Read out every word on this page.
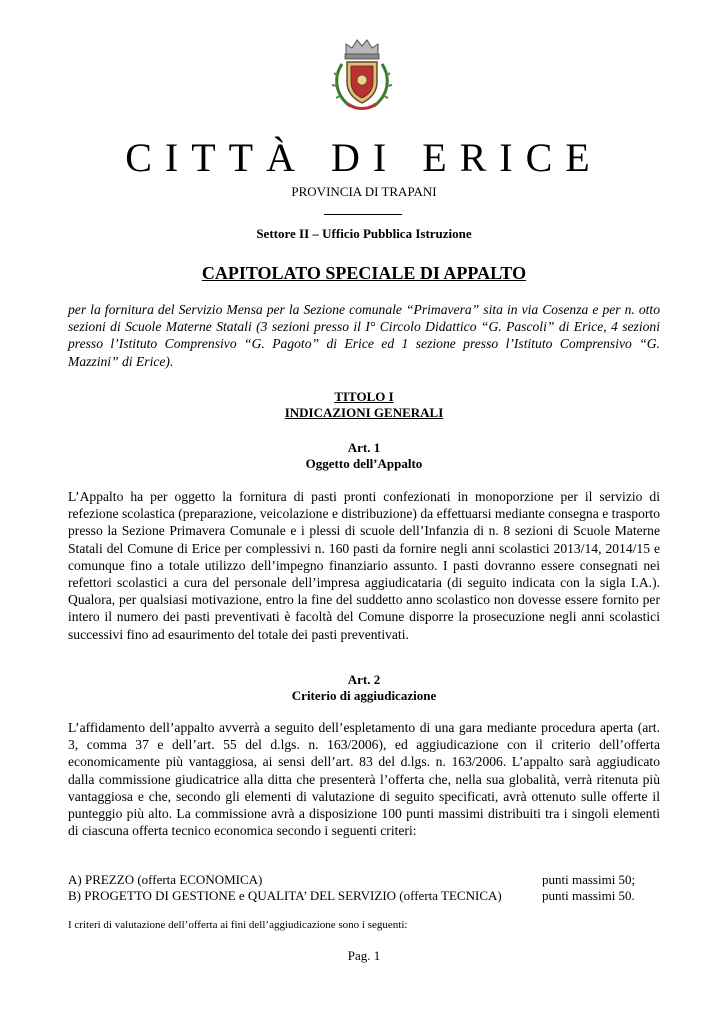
CITTÀ DI ERICE
PROVINCIA DI TRAPANI
Settore II – Ufficio Pubblica Istruzione
CAPITOLATO SPECIALE DI APPALTO
per la fornitura del Servizio Mensa per la Sezione comunale “Primavera” sita in via Cosenza e per n. otto sezioni di Scuole Materne Statali (3 sezioni presso il I° Circolo Didattico “G. Pascoli” di Erice, 4 sezioni presso l’Istituto Comprensivo “G. Pagoto” di Erice ed 1 sezione presso l’Istituto Comprensivo “G. Mazzini” di Erice).
TITOLO I
INDICAZIONI GENERALI
Art. 1
Oggetto dell’Appalto
L’Appalto ha per oggetto la fornitura di pasti pronti confezionati in monoporzione per il servizio di refezione scolastica (preparazione, veicolazione e distribuzione) da effettuarsi mediante consegna e trasporto presso la Sezione Primavera Comunale e i plessi di scuole dell’Infanzia di n. 8 sezioni di Scuole Materne Statali del Comune di Erice per complessivi n. 160 pasti da fornire negli anni scolastici 2013/14, 2014/15 e comunque fino a totale utilizzo dell’impegno finanziario assunto. I pasti dovranno essere consegnati nei refettori scolastici a cura del personale dell’impresa aggiudicataria (di seguito indicata con la sigla I.A.). Qualora, per qualsiasi motivazione, entro la fine del suddetto anno scolastico non dovesse essere fornito per intero il numero dei pasti preventivati è facoltà del Comune disporre la prosecuzione negli anni scolastici successivi fino ad esaurimento del totale dei pasti preventivati.
Art. 2
Criterio di aggiudicazione
L’affidamento dell’appalto avverrà a seguito dell’espletamento di una gara mediante procedura aperta (art. 3, comma 37 e dell’art. 55 del d.lgs. n. 163/2006), ed aggiudicazione con il criterio dell’offerta economicamente più vantaggiosa, ai sensi dell’art. 83 del d.lgs. n. 163/2006. L’appalto sarà aggiudicato dalla commissione giudicatrice alla ditta che presenterà l’offerta che, nella sua globalità, verrà ritenuta più vantaggiosa e che, secondo gli elementi di valutazione di seguito specificati, avrà ottenuto sulle offerte il punteggio più alto. La commissione avrà a disposizione 100 punti massimi distribuiti tra i singoli elementi di ciascuna offerta tecnico economica secondo i seguenti criteri:
A) PREZZO (offerta ECONOMICA)	punti massimi 50;
B) PROGETTO DI GESTIONE e QUALITA’ DEL SERVIZIO (offerta TECNICA)	punti massimi 50.
I criteri di valutazione dell’offerta ai fini dell’aggiudicazione sono i seguenti:
Pag. 1
